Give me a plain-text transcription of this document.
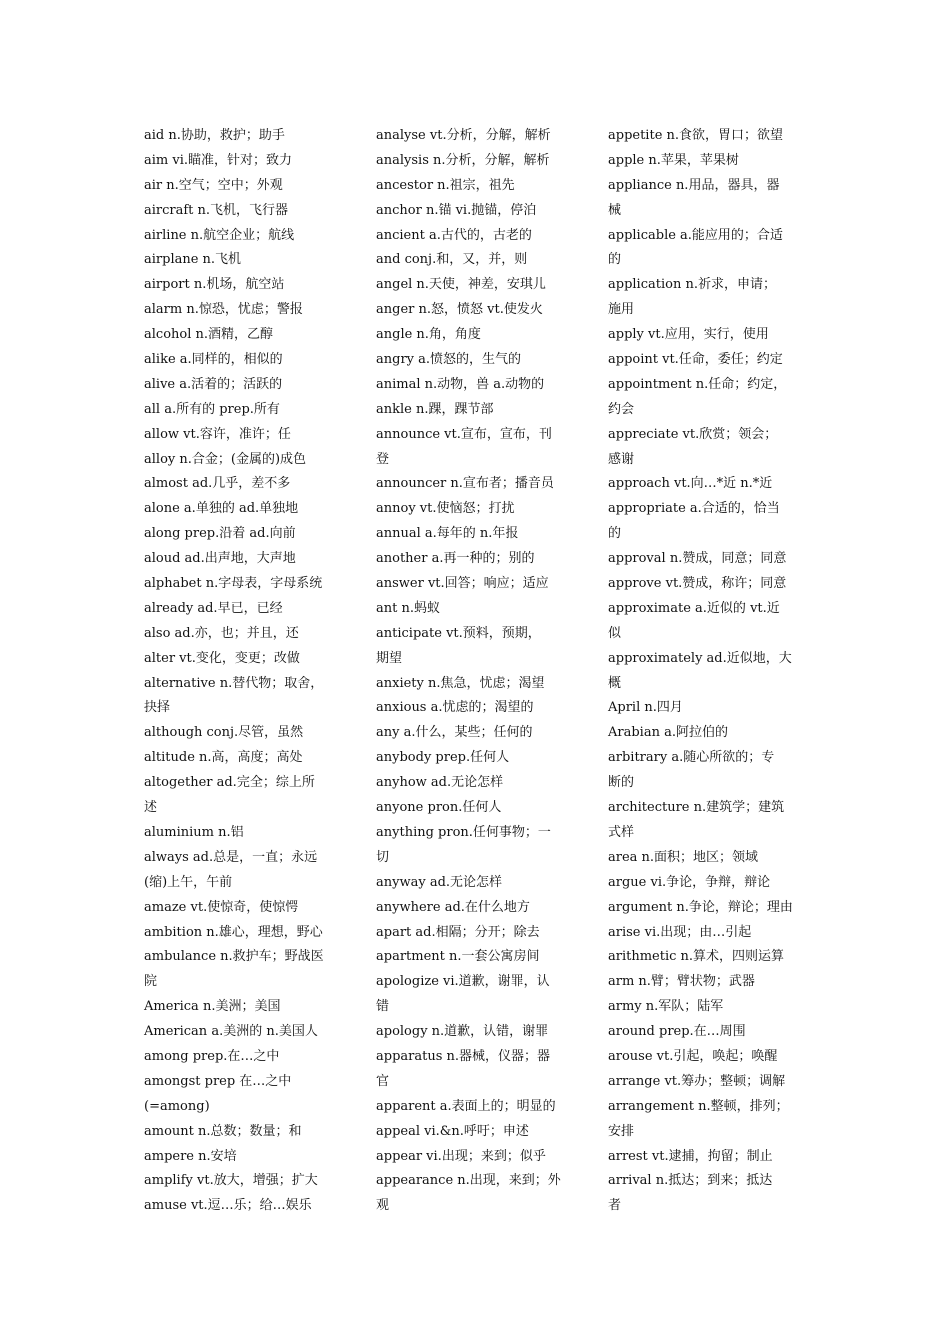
aid n.协助，救护；助手
aim vi.瞄准，针对；致力
air n.空气；空中；外观
aircraft n.飞机，飞行器
airline n.航空企业；航线
airplane n.飞机
airport n.机场，航空站
alarm n.惊恐，忧虑；警报
alcohol n.酒精，乙醇
alike a.同样的，相似的
alive a.活着的；活跃的
all a.所有的 prep.所有
allow vt.容许，准许；任
alloy n.合金；(金属的)成色
almost ad.几乎，差不多
alone a.单独的 ad.单独地
along prep.沿着 ad.向前
aloud ad.出声地，大声地
alphabet n.字母表，字母系统
already ad.早已，已经
also ad.亦，也；并且，还
alter vt.变化，变更；改做
alternative n.替代物；取舍，
抉择
although conj.尽管，虽然
altitude n.高，高度；高处
altogether ad.完全；综上所
述
aluminium n.铝
always ad.总是，一直；永远
(缩)上午，午前
amaze vt.使惊奇，使惊愕
ambition n.雄心，理想，野心
ambulance n.救护车；野战医
院
America n.美洲；美国
American a.美洲的 n.美国人
among prep.在…之中
amongst prep 在…之中
(=among)
amount n.总数；数量；和
ampere n.安培
amplify vt.放大，增强；扩大
amuse vt.逗…乐；给…娱乐
analyse vt.分析，分解，解析
analysis n.分析，分解，解析
ancestor n.祖宗，祖先
anchor n.锚 vi.抛锚，停泊
ancient a.古代的，古老的
and conj.和，又，并，则
angel n.天使，神差，安琪儿
anger n.怒，愤怒 vt.使发火
angle n.角，角度
angry a.愤怒的，生气的
animal n.动物，兽 a.动物的
ankle n.踝，踝节部
announce vt.宣布，宣布，刊
登
announcer n.宣布者；播音员
annoy vt.使恼怒；打扰
annual a.每年的 n.年报
another a.再一种的；别的
answer vt.回答；响应；适应
ant n.蚂蚁
anticipate vt.预料，预期，
期望
anxiety n.焦急，忧虑；渴望
anxious a.忧虑的；渴望的
any a.什么，某些；任何的
anybody prep.任何人
anyhow ad.无论怎样
anyone pron.任何人
anything pron.任何事物；一
切
anyway ad.无论怎样
anywhere ad.在什么地方
apart ad.相隔；分开；除去
apartment n.一套公寓房间
apologize vi.道歉，谢罪，认
错
apology n.道歉，认错，谢罪
apparatus n.器械，仪器；器
官
apparent a.表面上的；明显的
appeal vi.&n.呼吁；申述
appear vi.出现；来到；似乎
appearance n.出现，来到；外
观
appetite n.食欲，胃口；欲望
apple n.苹果，苹果树
appliance n.用品，器具，器
械
applicable a.能应用的；合适
的
application n.祈求，申请；
施用
apply vt.应用，实行，使用
appoint vt.任命，委任；约定
appointment n.任命；约定，
约会
appreciate vt.欣赏；领会；
感谢
approach vt.向…*近 n.*近
appropriate a.合适的，恰当
的
approval n.赞成，同意；同意
approve vt.赞成，称许；同意
approximate a.近似的 vt.近
似
approximately ad.近似地，大
概
April n.四月
Arabian a.阿拉伯的
arbitrary a.随心所欲的；专
断的
architecture n.建筑学；建筑
式样
area n.面积；地区；领域
argue vi.争论，争辩，辩论
argument n.争论，辩论；理由
arise vi.出现；由…引起
arithmetic n.算术，四则运算
arm n.臂；臂状物；武器
army n.军队；陆军
around prep.在…周围
arouse vt.引起，唤起；唤醒
arrange vt.筹办；整顿；调解
arrangement n.整顿，排列；
安排
arrest vt.逮捕，拘留；制止
arrival n.抵达；到来；抵达
者
